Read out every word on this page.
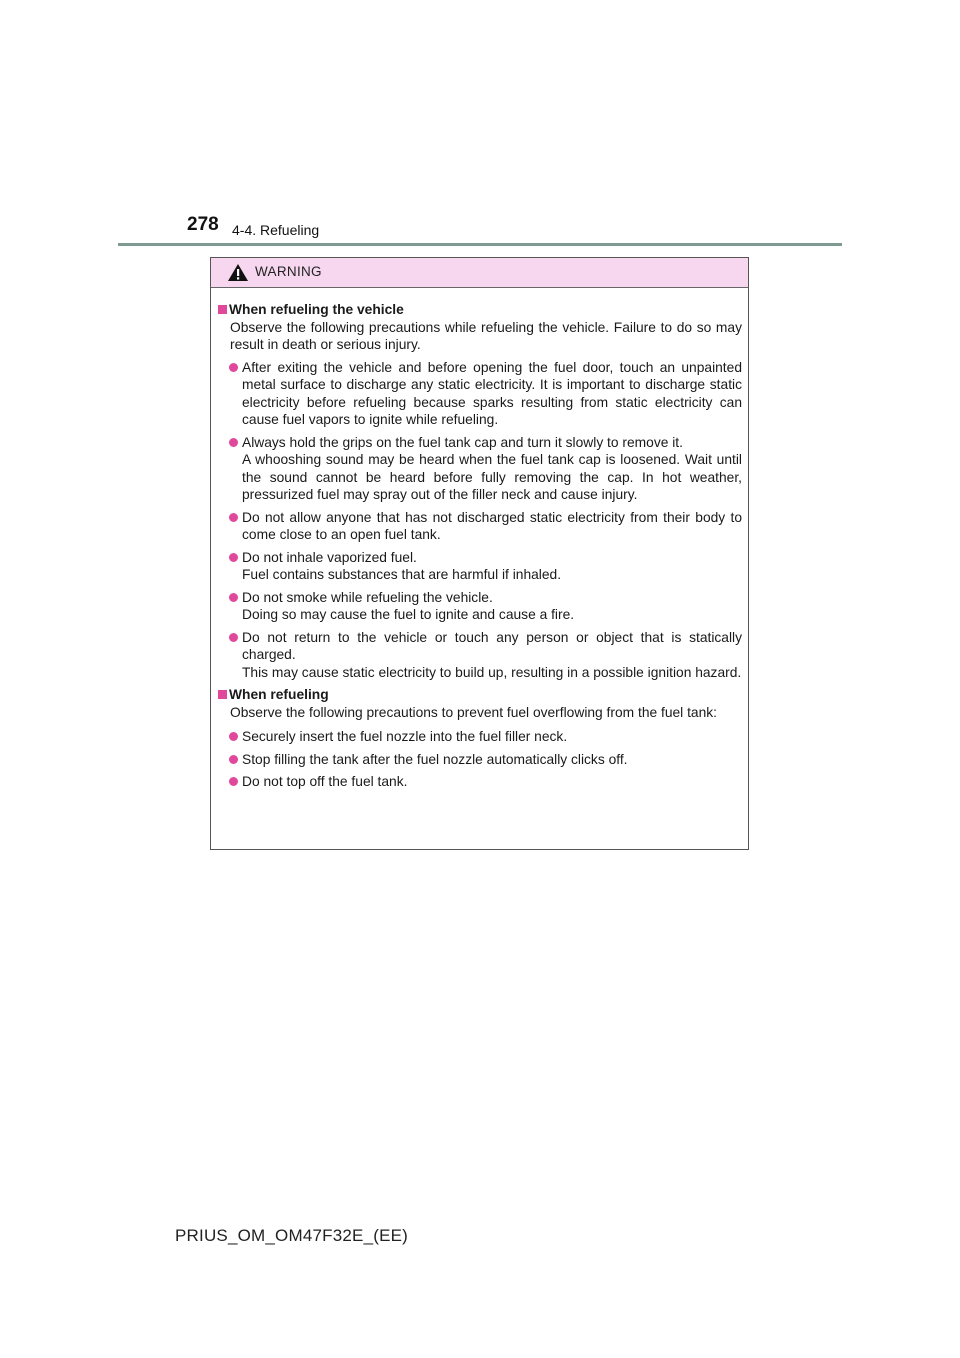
278 4-4. Refueling
WARNING
When refueling the vehicle
Observe the following precautions while refueling the vehicle. Failure to do so may result in death or serious injury.
After exiting the vehicle and before opening the fuel door, touch an unpainted metal surface to discharge any static electricity. It is important to discharge static electricity before refueling because sparks resulting from static electricity can cause fuel vapors to ignite while refueling.
Always hold the grips on the fuel tank cap and turn it slowly to remove it.
A whooshing sound may be heard when the fuel tank cap is loosened. Wait until the sound cannot be heard before fully removing the cap. In hot weather, pressurized fuel may spray out of the filler neck and cause injury.
Do not allow anyone that has not discharged static electricity from their body to come close to an open fuel tank.
Do not inhale vaporized fuel.
Fuel contains substances that are harmful if inhaled.
Do not smoke while refueling the vehicle.
Doing so may cause the fuel to ignite and cause a fire.
Do not return to the vehicle or touch any person or object that is statically charged.
This may cause static electricity to build up, resulting in a possible ignition hazard.
When refueling
Observe the following precautions to prevent fuel overflowing from the fuel tank:
Securely insert the fuel nozzle into the fuel filler neck.
Stop filling the tank after the fuel nozzle automatically clicks off.
Do not top off the fuel tank.
PRIUS_OM_OM47F32E_(EE)
